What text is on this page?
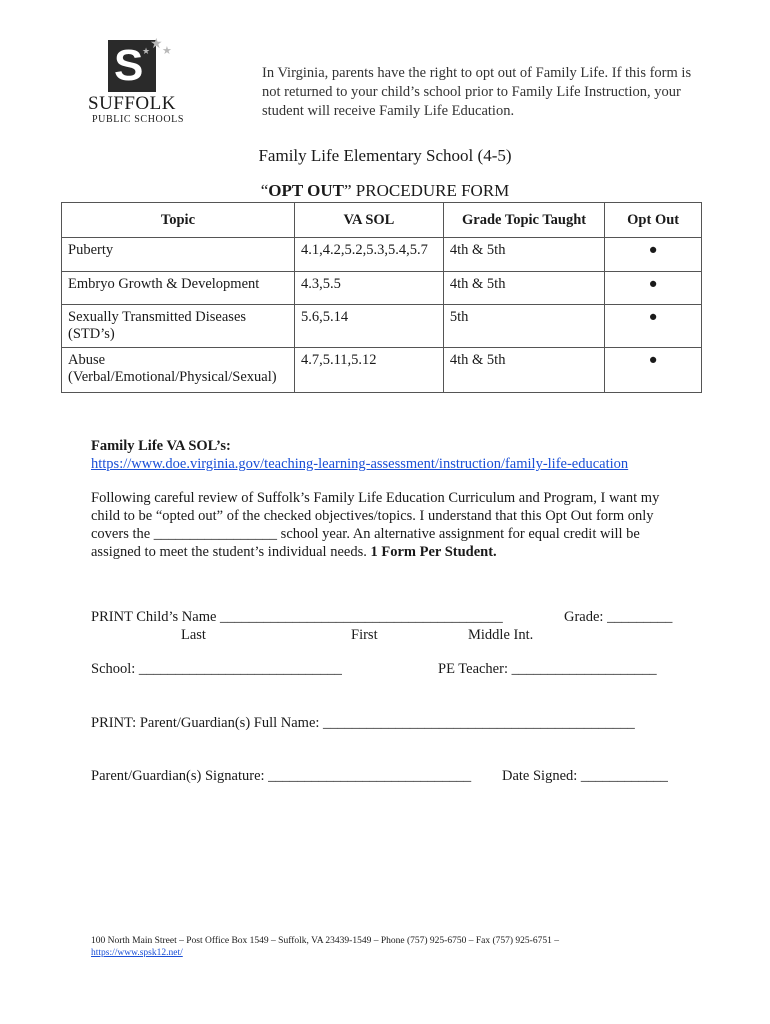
S ★ ★
★
SUFFOLK
PUBLIC SCHOOLS
In Virginia, parents have the right to opt out of Family Life. If this form is not returned to your child’s school prior to Family Life Instruction, your student will receive Family Life Education.
Family Life Elementary School (4-5)
“OPT OUT” PROCEDURE FORM
Topic	VA SOL	Grade Topic Taught	Opt Out
Puberty	4.1,4.2,5.2,5.3,5.4,5.7	4th & 5th	●
Embryo Growth & Development	4.3,5.5	4th & 5th	●
Sexually Transmitted Diseases (STD’s)	5.6,5.14	5th	●
Abuse (Verbal/Emotional/Physical/Sexual)	4.7,5.11,5.12	4th & 5th	●
Family Life VA SOL’s:
https://www.doe.virginia.gov/teaching-learning-assessment/instruction/family-life-education
Following careful review of Suffolk’s Family Life Education Curriculum and Program, I want my child to be “opted out” of the checked objectives/topics. I understand that this Opt Out form only covers the _________________ school year. An alternative assignment for equal credit will be assigned to meet the student’s individual needs. 1 Form Per Student.
PRINT Child’s Name _______________________________________	Grade: _________
Last	First	Middle Int.
School: ____________________________	PE Teacher: ____________________
PRINT: Parent/Guardian(s) Full Name: ___________________________________________
Parent/Guardian(s) Signature: ____________________________ Date Signed: ____________
100 North Main Street – Post Office Box 1549 – Suffolk, VA 23439-1549 – Phone (757) 925-6750 – Fax (757) 925-6751 –
https://www.spsk12.net/
